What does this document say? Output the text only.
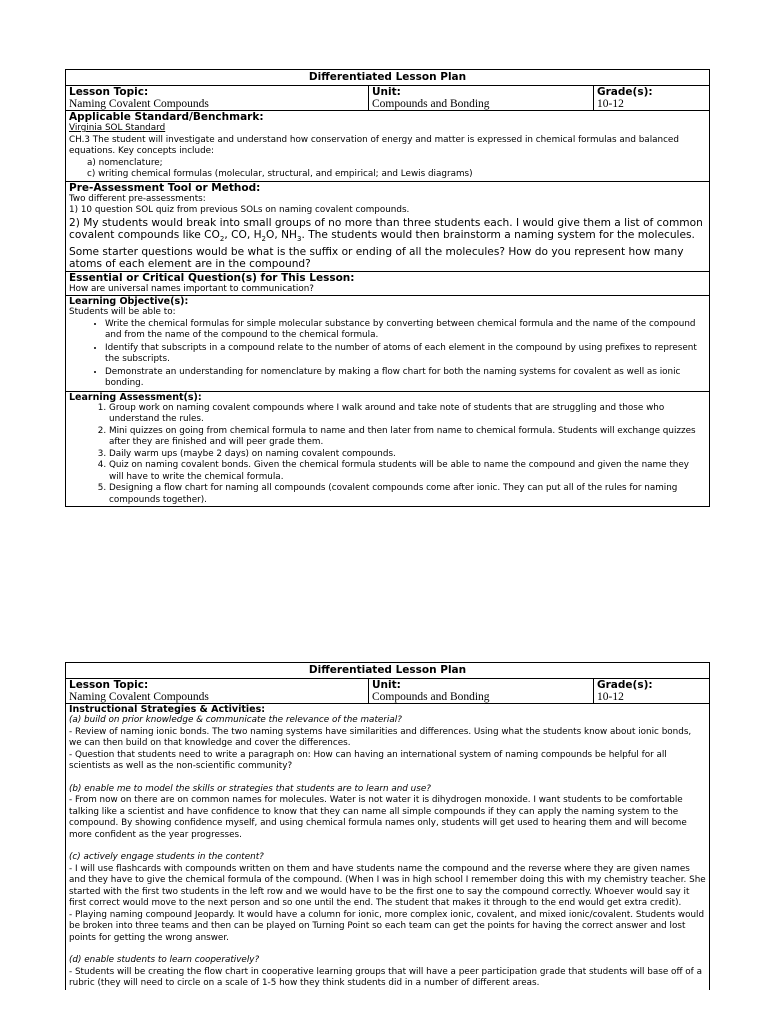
Differentiated Lesson Plan

Lesson Topic:
Naming Covalent Compounds

Unit:
Compounds and Bonding

Grade(s):
10-12

Applicable Standard/Benchmark:
Virginia SOL Standard
CH.3 The student will investigate and understand how conservation of energy and matter is expressed in chemical formulas and balanced equations. Key concepts include:
a) nomenclature;
c) writing chemical formulas (molecular, structural, and empirical; and Lewis diagrams)

Pre-Assessment Tool or Method:
Two different pre-assessments:
1) 10 question SOL quiz from previous SOLs on naming covalent compounds.
2) My students would break into small groups of no more than three students each. I would give them a list of common covalent compounds like $CO_2$, CO, $H_2O$, $NH_3$. The students would then brainstorm a naming system for the molecules. Some starter questions would be what is the suffix or ending of all the molecules? How do you represent how many atoms of each element are in the compound?

Essential or Critical Question(s) for This Lesson:
How are universal names important to communication?

Learning Objective(s):
Students will be able to:
• Write the chemical formulas for simple molecular substance by converting between chemical formula and the name of the compound and from the name of the compound to the chemical formula.
• Identify that subscripts in a compound relate to the number of atoms of each element in the compound by using prefixes to represent the subscripts.
• Demonstrate an understanding for nomenclature by making a flow chart for both the naming systems for covalent as well as ionic bonding.

Learning Assessment(s):
1. Group work on naming covalent compounds where I walk around and take note of students that are struggling and those who understand the rules.
2. Mini quizzes on going from chemical formula to name and then later from name to chemical formula. Students will exchange quizzes after they are finished and will peer grade them.
3. Daily warm ups (maybe 2 days) on naming covalent compounds.
4. Quiz on naming covalent bonds. Given the chemical formula students will be able to name the compound and given the name they will have to write the chemical formula.
5. Designing a flow chart for naming all compounds (covalent compounds come after ionic. They can put all of the rules for naming compounds together).
Differentiated Lesson Plan

Lesson Topic:
Naming Covalent Compounds

Unit:
Compounds and Bonding

Grade(s):
10-12

Instructional Strategies & Activities:
(a) build on prior knowledge & communicate the relevance of the material?
- Review of naming ionic bonds. The two naming systems have similarities and differences. Using what the students know about ionic bonds, we can then build on that knowledge and cover the differences.
- Question that students need to write a paragraph on: How can having an international system of naming compounds be helpful for all scientists as well as the non-scientific community?
(b) enable me to model the skills or strategies that students are to learn and use?
- From now on there are on common names for molecules. Water is not water it is dihydrogen monoxide. I want students to be comfortable talking like a scientist and have confidence to know that they can name all simple compounds if they can apply the naming system to the compound. By showing confidence myself, and using chemical formula names only, students will get used to hearing them and will become more confident as the year progresses.
(c) actively engage students in the content?
- I will use flashcards with compounds written on them and have students name the compound and the reverse where they are given names and they have to give the chemical formula of the compound. (When I was in high school I remember doing this with my chemistry teacher. She started with the first two students in the left row and we would have to be the first one to say the compound correctly. Whoever would say it first correct would move to the next person and so one until the end. The student that makes it through to the end would get extra credit).
- Playing naming compound Jeopardy. It would have a column for ionic, more complex ionic, covalent, and mixed ionic/covalent. Students would be broken into three teams and then can be played on Turning Point so each team can get the points for having the correct answer and lost points for getting the wrong answer.
(d) enable students to learn cooperatively?
- Students will be creating the flow chart in cooperative learning groups that will have a peer participation grade that students will base off of a rubric (they will need to circle on a scale of 1-5 how they think students did in a number of different areas.
